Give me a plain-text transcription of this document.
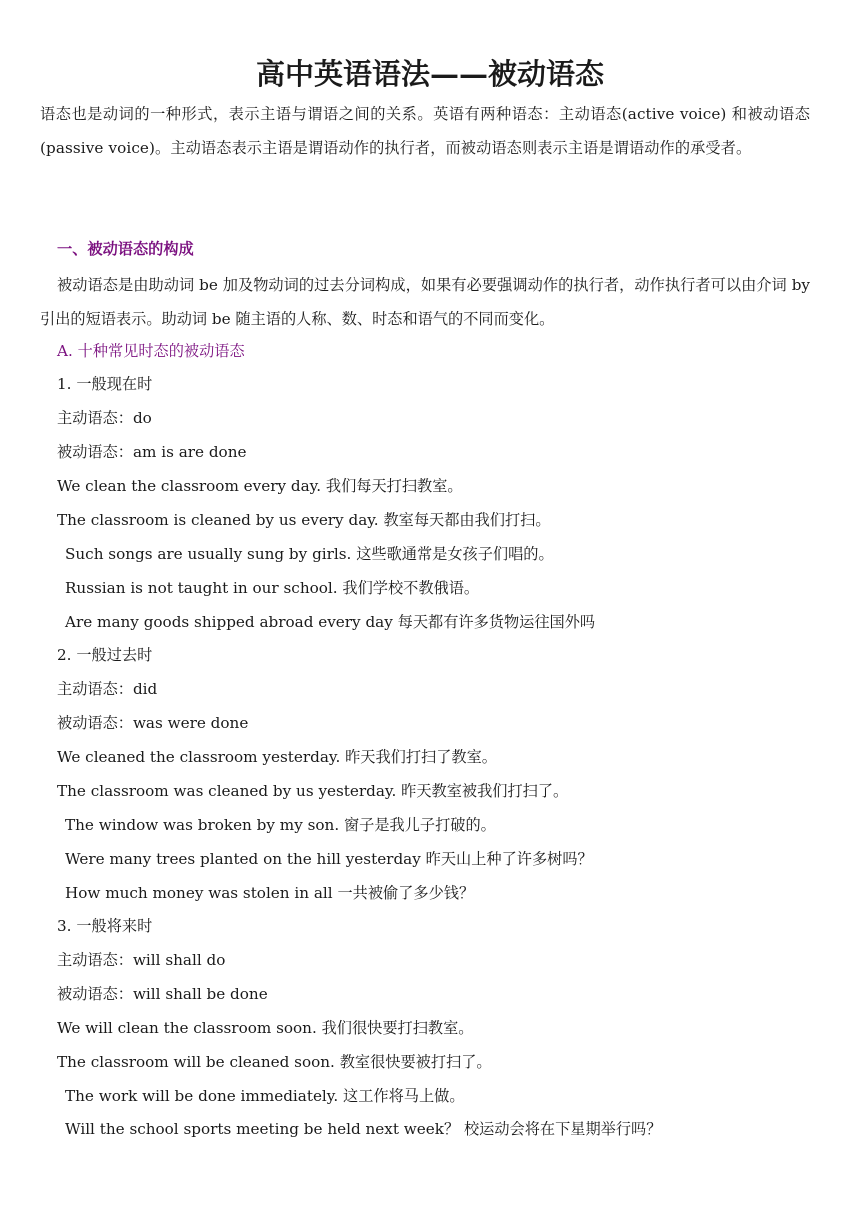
高中英语语法——被动语态

语态也是动词的一种形式，表示主语与谓语之间的关系。英语有两种语态：主动语态(active voice) 和被动语态(passive voice)。主动语态表示主语是谓语动作的执行者，而被动语态则表示主语是谓语动作的承受者。

一、被动语态的构成

被动语态是由助动词 be 加及物动词的过去分词构成，如果有必要强调动作的执行者，动作执行者可以由介词 by 引出的短语表示。助动词 be 随主语的人称、数、时态和语气的不同而变化。

A. 十种常见时态的被动语态

1. 一般现在时

主动语态：do

被动语态：am is are done

We clean the classroom every day. 我们每天打扫教室。

The classroom is cleaned by us every day. 教室每天都由我们打扫。

Such songs are usually sung by girls. 这些歌通常是女孩子们唱的。

Russian is not taught in our school. 我们学校不教俄语。

Are many goods shipped abroad every day 每天都有许多货物运往国外吗

2. 一般过去时

主动语态：did

被动语态：was were done

We cleaned the classroom yesterday. 昨天我们打扫了教室。

The classroom was cleaned by us yesterday. 昨天教室被我们打扫了。

The window was broken by my son. 窗子是我儿子打破的。

Were many trees planted on the hill yesterday 昨天山上种了许多树吗？

How much money was stolen in all 一共被偷了多少钱？

3. 一般将来时

主动语态：will shall do

被动语态：will shall be done

We will clean the classroom soon. 我们很快要打扫教室。

The classroom will be cleaned soon. 教室很快要被打扫了。

The work will be done immediately. 这工作将马上做。

Will the school sports meeting be held next week？ 校运动会将在下星期举行吗？
